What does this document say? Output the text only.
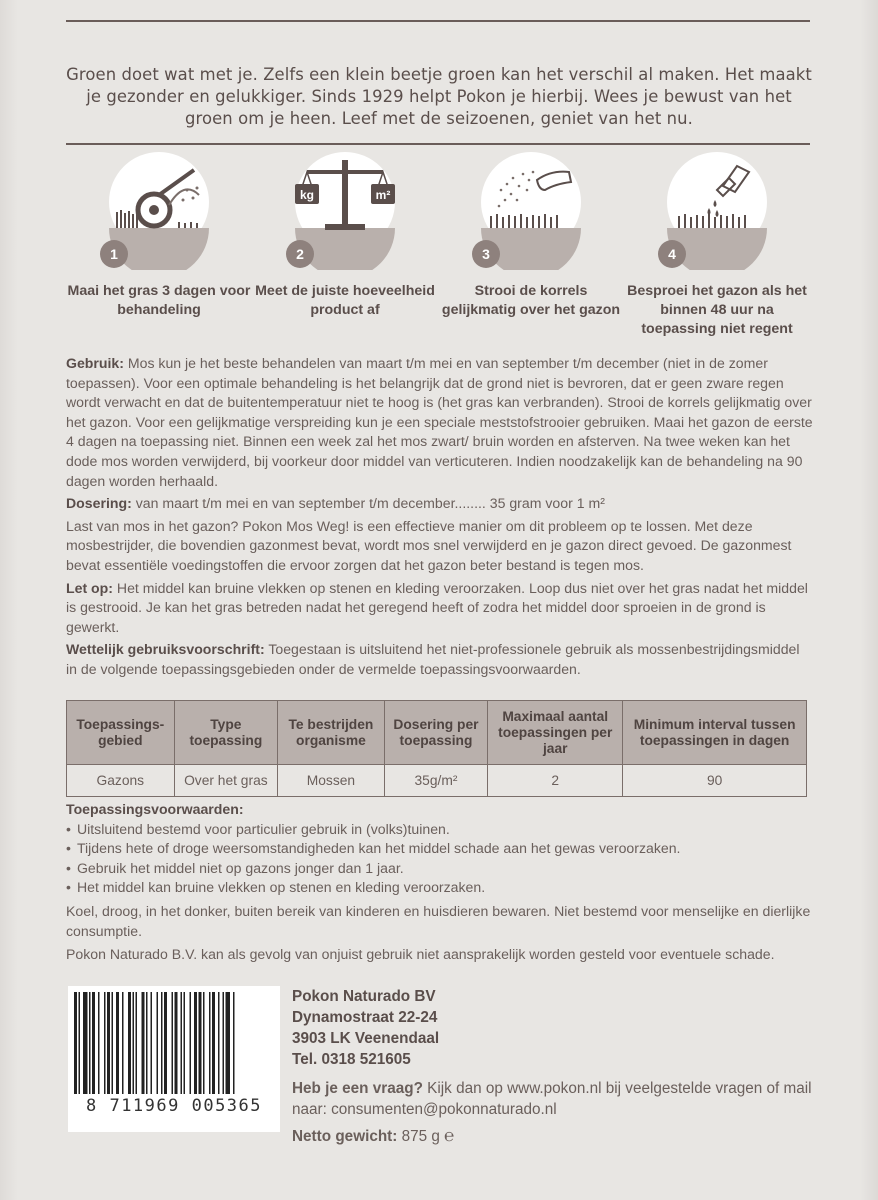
Groen doet wat met je. Zelfs een klein beetje groen kan het verschil al maken. Het maakt je gezonder en gelukkiger. Sinds 1929 helpt Pokon je hierbij. Wees je bewust van het groen om je heen. Leef met de seizoenen, geniet van het nu.

1
Maai het gras 3 dagen voor behandeling
kg	m²
2
Meet de juiste hoeveelheid product af
3
Strooi de korrels gelijkmatig over het gazon
4
Besproei het gazon als het binnen 48 uur na toepassing niet regent

Gebruik: Mos kun je het beste behandelen van maart t/m mei en van september t/m december (niet in de zomer toepassen). Voor een optimale behandeling is het belangrijk dat de grond niet is bevroren, dat er geen zware regen wordt verwacht en dat de buitentemperatuur niet te hoog is (het gras kan verbranden). Strooi de korrels gelijkmatig over het gazon. Voor een gelijkmatige verspreiding kun je een speciale meststofstrooier gebruiken. Maai het gazon de eerste 4 dagen na toepassing niet. Binnen een week zal het mos zwart/ bruin worden en afsterven. Na twee weken kan het dode mos worden verwijderd, bij voorkeur door middel van verticuteren. Indien noodzakelijk kan de behandeling na 90 dagen worden herhaald.

Dosering: van maart t/m mei en van september t/m december........ 35 gram voor 1 m²

Last van mos in het gazon? Pokon Mos Weg! is een effectieve manier om dit probleem op te lossen. Met deze mosbestrijder, die bovendien gazonmest bevat, wordt mos snel verwijderd en je gazon direct gevoed. De gazonmest bevat essentiële voedingstoffen die ervoor zorgen dat het gazon beter bestand is tegen mos.

Let op: Het middel kan bruine vlekken op stenen en kleding veroorzaken. Loop dus niet over het gras nadat het middel is gestrooid. Je kan het gras betreden nadat het geregend heeft of zodra het middel door sproeien in de grond is gewerkt.

Wettelijk gebruiksvoorschrift: Toegestaan is uitsluitend het niet-professionele gebruik als mossenbestrijdingsmiddel in de volgende toepassingsgebieden onder de vermelde toepassingsvoorwaarden.

Toepassings-gebied	Type toepassing	Te bestrijden organisme	Dosering per toepassing	Maximaal aantal toepassingen per jaar	Minimum interval tussen toepassingen in dagen
Gazons	Over het gras	Mossen	35g/m²	2	90
Toepassingsvoorwaarden:
• Uitsluitend bestemd voor particulier gebruik in (volks)tuinen.
• Tijdens hete of droge weersomstandigheden kan het middel schade aan het gewas veroorzaken.
• Gebruik het middel niet op gazons jonger dan 1 jaar.
• Het middel kan bruine vlekken op stenen en kleding veroorzaken.

Koel, droog, in het donker, buiten bereik van kinderen en huisdieren bewaren. Niet bestemd voor menselijke en dierlijke consumptie.

Pokon Naturado B.V. kan als gevolg van onjuist gebruik niet aansprakelijk worden gesteld voor eventuele schade.

8 711969 005365
Pokon Naturado BV
Dynamostraat 22-24
3903 LK Veenendaal
Tel. 0318 521605
Heb je een vraag? Kijk dan op www.pokon.nl bij veelgestelde vragen of mail naar: consumenten@pokonnaturado.nl
Netto gewicht: 875 g ℮
